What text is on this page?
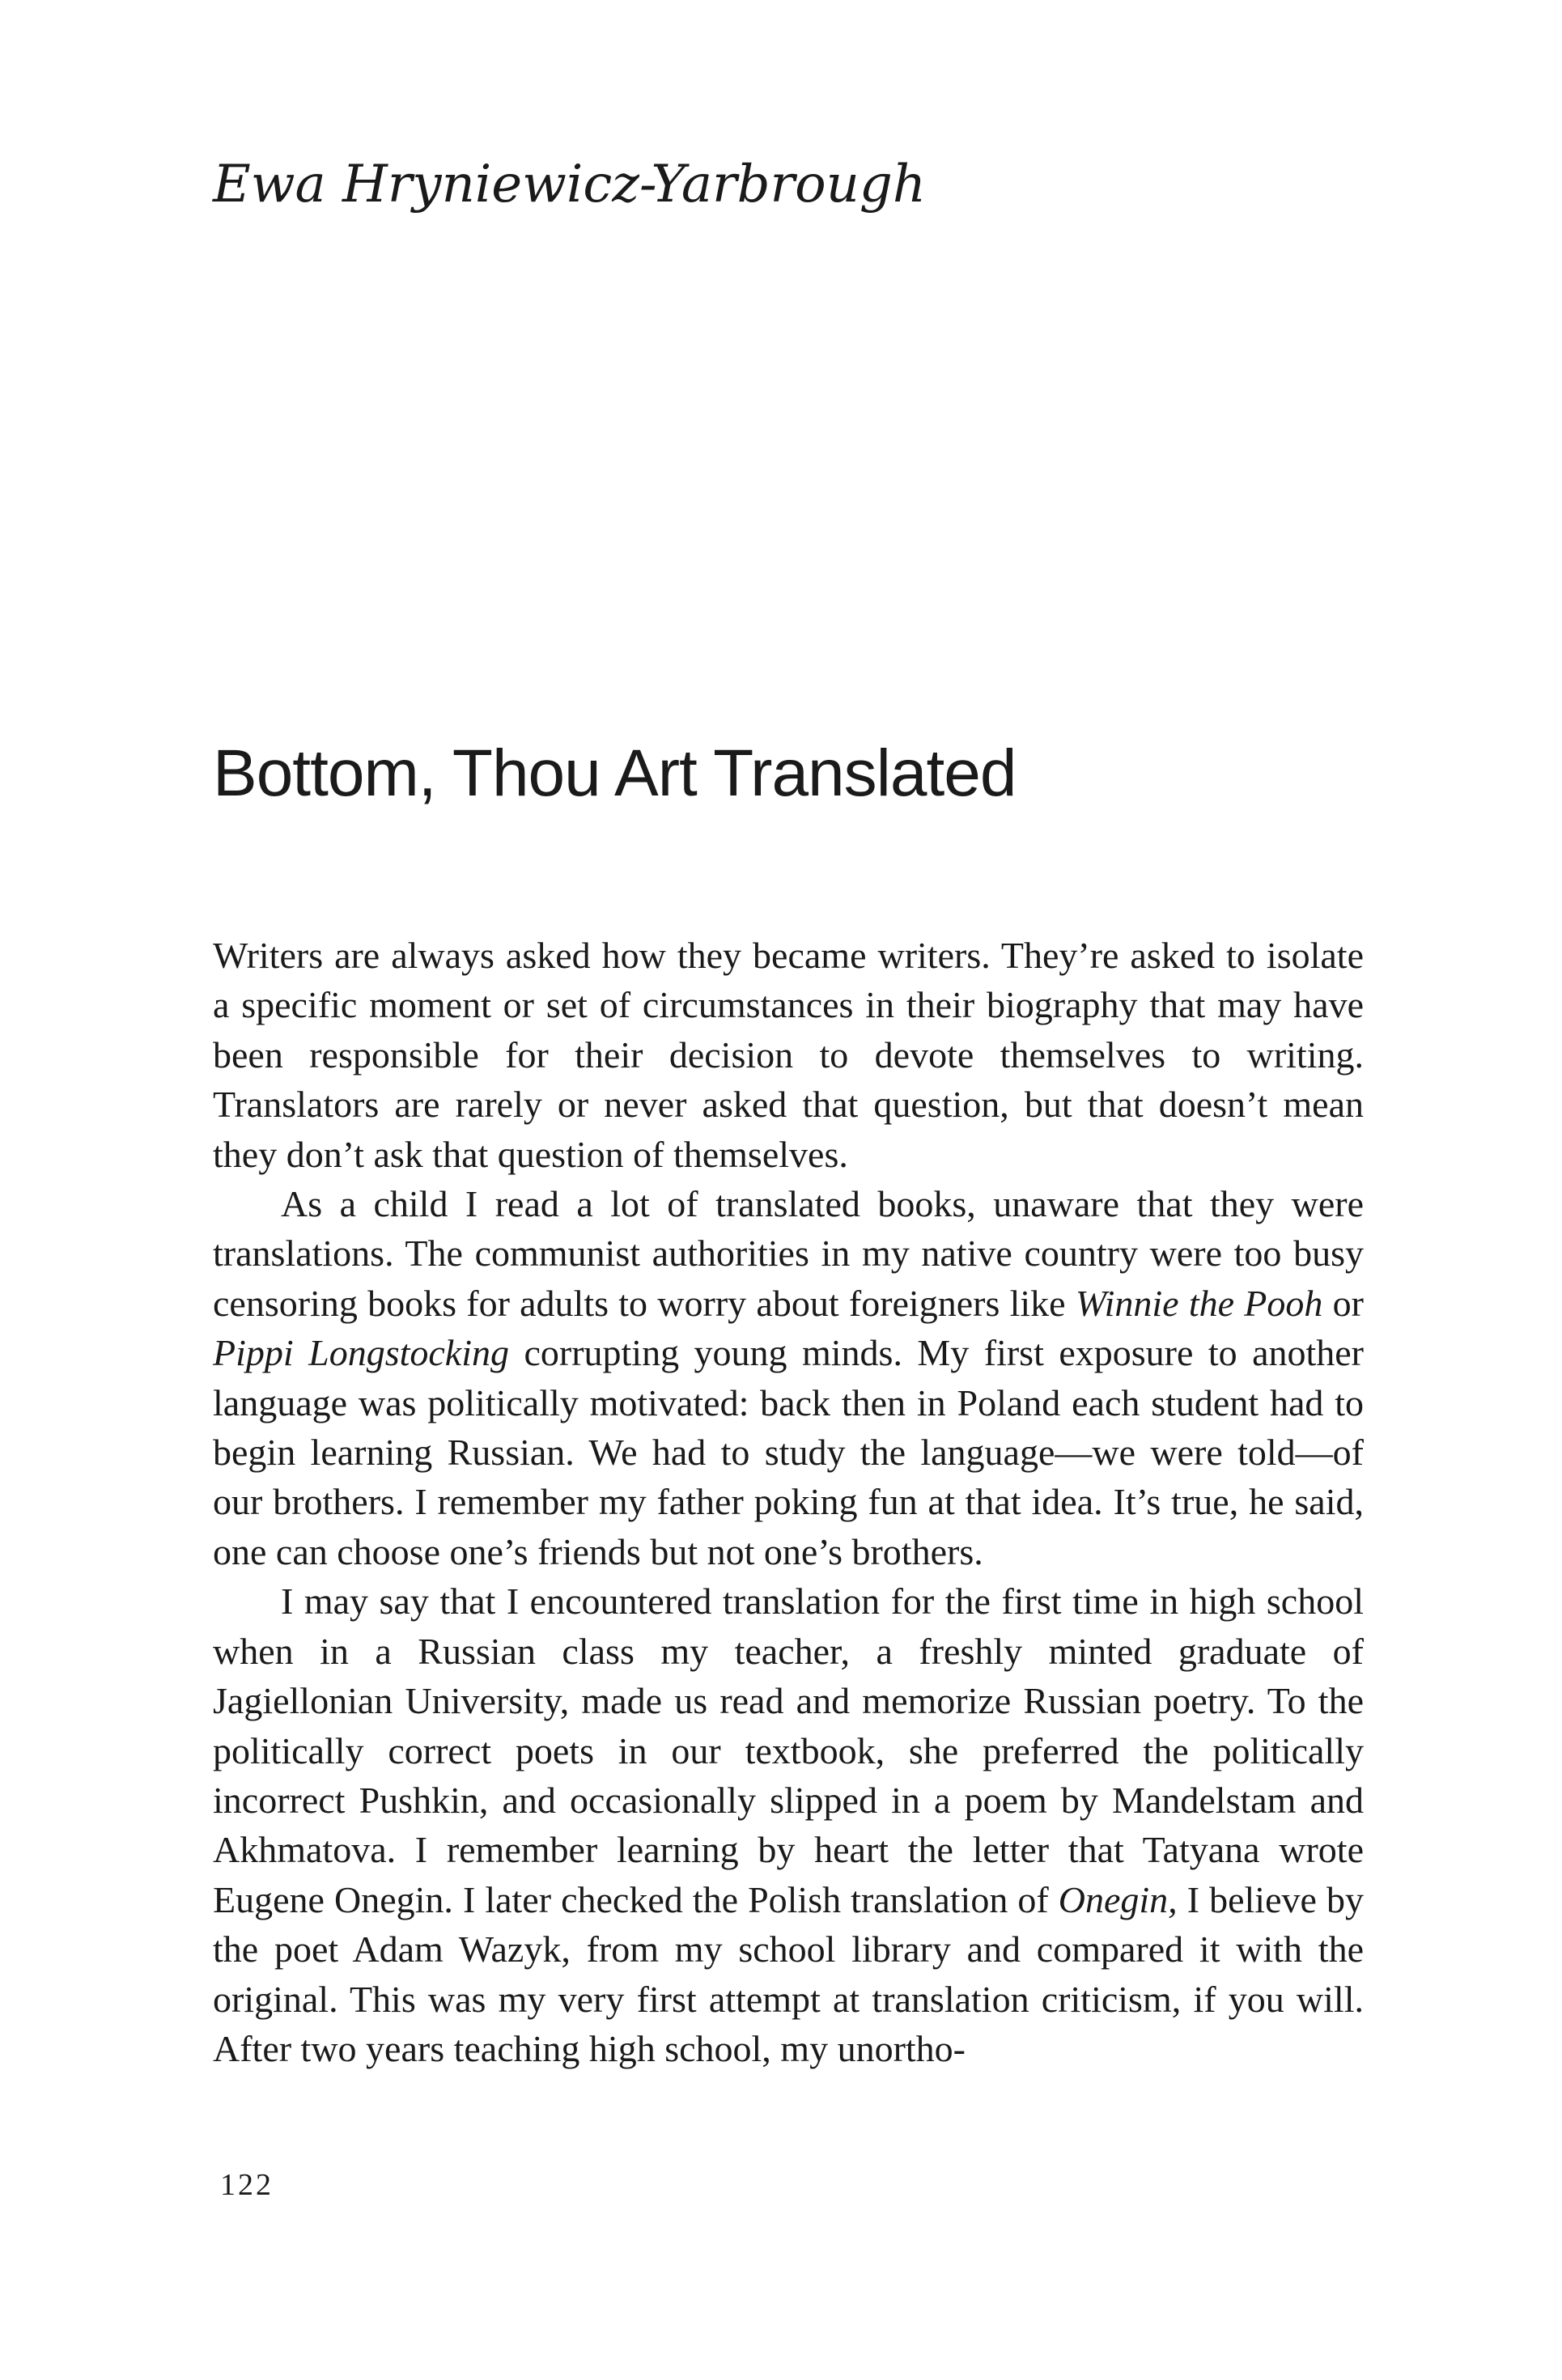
Ewa Hryniewicz-Yarbrough
Bottom, Thou Art Translated

Writers are always asked how they became writers. They’re asked to isolate a specific moment or set of circumstances in their biography that may have been responsible for their decision to devote themselves to writing. Translators are rarely or never asked that question, but that doesn’t mean they don’t ask that question of themselves.

As a child I read a lot of translated books, unaware that they were translations. The communist authorities in my native country were too busy censoring books for adults to worry about foreigners like Winnie the Pooh or Pippi Longstocking corrupting young minds. My first exposure to another language was politically motivated: back then in Poland each student had to begin learning Russian. We had to study the language—we were told—of our brothers. I remember my father poking fun at that idea. It’s true, he said, one can choose one’s friends but not one’s brothers.

I may say that I encountered translation for the first time in high school when in a Russian class my teacher, a freshly minted graduate of Jagiellonian University, made us read and memorize Russian poetry. To the politically correct poets in our textbook, she preferred the politically incorrect Pushkin, and occasionally slipped in a poem by Mandelstam and Akhmatova. I remember learning by heart the letter that Tatyana wrote Eugene Onegin. I later checked the Polish translation of Onegin, I believe by the poet Adam Wazyk, from my school library and compared it with the original. This was my very first attempt at translation criticism, if you will. After two years teaching high school, my unortho-

122
